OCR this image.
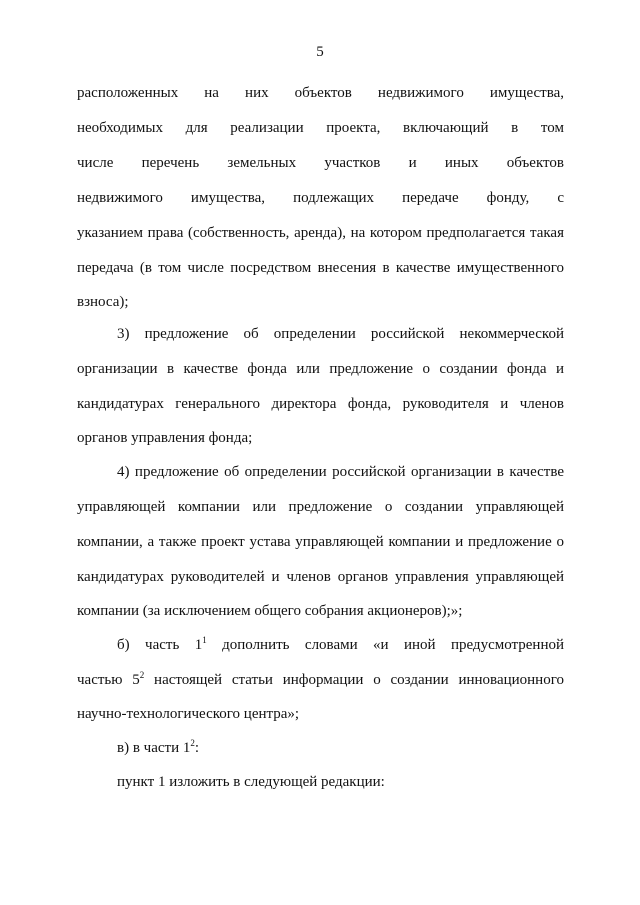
5
расположенных на них объектов недвижимого имущества,
необходимых для реализации проекта, включающий в том
числе перечень земельных участков и иных объектов
недвижимого имущества, подлежащих передаче фонду, с
указанием права (собственность, аренда), на котором предполагается такая
передача (в том числе посредством внесения в качестве имущественного
взноса);
3) предложение об определении российской некоммерческой
организации в качестве фонда или предложение о создании фонда и
кандидатурах генерального директора фонда, руководителя и членов
органов управления фонда;
4) предложение об определении российской организации в качестве
управляющей компании или предложение о создании управляющей
компании, а также проект устава управляющей компании и предложение о
кандидатурах руководителей и членов органов управления управляющей
компании (за исключением общего собрания акционеров);»;
б) часть $1^1$ дополнить словами «и иной предусмотренной
частью $5^2$ настоящей статьи информации о создании инновационного
научно-технологического центра»;
в) в части $1^2$:
пункт 1 изложить в следующей редакции:
